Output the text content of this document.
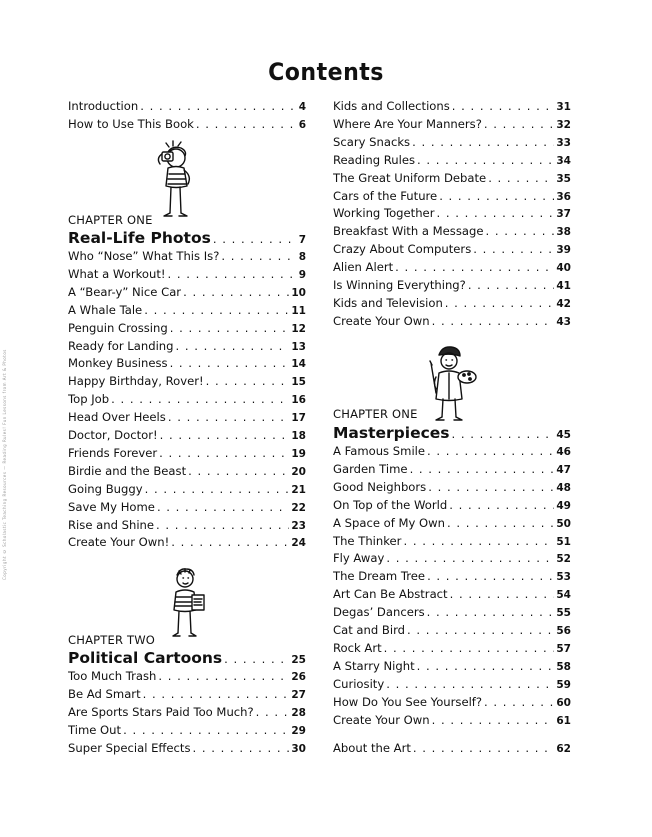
Contents
Copyright © Scholastic Teaching Resources — Reading Rules! Fun Lessons from Art & Photos
Introduction . . .	4
How to Use This Book . . .	6
CHAPTER ONE
Real-Life Photos . . .	7
Who “Nose” What This Is? . . .	8
What a Workout! . . .	9
A “Bear-y” Nice Car . . .	10
A Whale Tale . . .	11
Penguin Crossing . . .	12
Ready for Landing . . .	13
Monkey Business . . .	14
Happy Birthday, Rover! . . .	15
Top Job . . .	16
Head Over Heels . . .	17
Doctor, Doctor! . . .	18
Friends Forever . . .	19
Birdie and the Beast . . .	20
Going Buggy . . .	21
Save My Home . . .	22
Rise and Shine . . .	23
Create Your Own! . . .	24
CHAPTER TWO
Political Cartoons . . .	25
Too Much Trash . . .	26
Be Ad Smart . . .	27
Are Sports Stars Paid Too Much? . . .	28
Time Out . . .	29
Super Special Effects . . .	30
Kids and Collections . . .	31
Where Are Your Manners? . . .	32
Scary Snacks . . .	33
Reading Rules . . .	34
The Great Uniform Debate . . .	35
Cars of the Future . . .	36
Working Together . . .	37
Breakfast With a Message . . .	38
Crazy About Computers . . .	39
Alien Alert . . .	40
Is Winning Everything? . . .	41
Kids and Television . . .	42
Create Your Own . . .	43
CHAPTER ONE
Masterpieces . . .	45
A Famous Smile . . .	46
Garden Time . . .	47
Good Neighbors . . .	48
On Top of the World . . .	49
A Space of My Own . . .	50
The Thinker . . .	51
Fly Away . . .	52
The Dream Tree . . .	53
Art Can Be Abstract . . .	54
Degas’ Dancers . . .	55
Cat and Bird . . .	56
Rock Art . . .	57
A Starry Night . . .	58
Curiosity . . .	59
How Do You See Yourself? . . .	60
Create Your Own . . .	61
About the Art . . .	62
